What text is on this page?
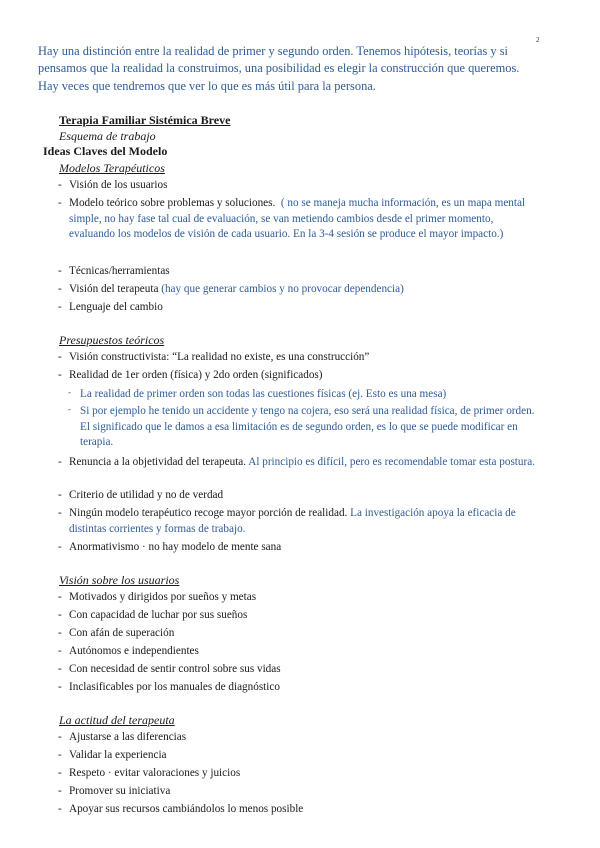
2

Hay una distinción entre la realidad de primer y segundo orden. Tenemos hipótesis, teorías y si pensamos que la realidad la construimos, una posibilidad es elegir la construcción que queremos. Hay veces que tendremos que ver lo que es más útil para la persona.

Terapia Familiar Sistémica Breve

Esquema de trabajo

Ideas Claves del Modelo

Modelos Terapéuticos

- Visión de los usuarios
- Modelo teórico sobre problemas y soluciones. ( no se maneja mucha información, es un mapa mental simple, no hay fase tal cual de evaluación, se van metiendo cambios desde el primer momento, evaluando los modelos de visión de cada usuario. En la 3-4 sesión se produce el mayor impacto.)
- Técnicas/herramientas
- Visión del terapeuta (hay que generar cambios y no provocar dependencia)
- Lenguaje del cambio

Presupuestos teóricos

- Visión constructivista: “La realidad no existe, es una construcción”
- Realidad de 1er orden (física) y 2do orden (significados)
- La realidad de primer orden son todas las cuestiones físicas (ej. Esto es una mesa)
- Si por ejemplo he tenido un accidente y tengo na cojera, eso será una realidad física, de primer orden. El significado que le damos a esa limitación es de segundo orden, es lo que se puede modificar en terapia.
- Renuncia a la objetividad del terapeuta. Al principio es difícil, pero es recomendable tomar esta postura.
- Criterio de utilidad y no de verdad
- Ningún modelo terapéutico recoge mayor porción de realidad. La investigación apoya la eficacia de distintas corrientes y formas de trabajo.
- Anormativismo · no hay modelo de mente sana

Visión sobre los usuarios

- Motivados y dirigidos por sueños y metas
- Con capacidad de luchar por sus sueños
- Con afán de superación
- Autónomos e independientes
- Con necesidad de sentir control sobre sus vidas
- Inclasificables por los manuales de diagnóstico

La actitud del terapeuta

- Ajustarse a las diferencias
- Validar la experiencia
- Respeto · evitar valoraciones y juicios
- Promover su iniciativa
- Apoyar sus recursos cambiándolos lo menos posible
